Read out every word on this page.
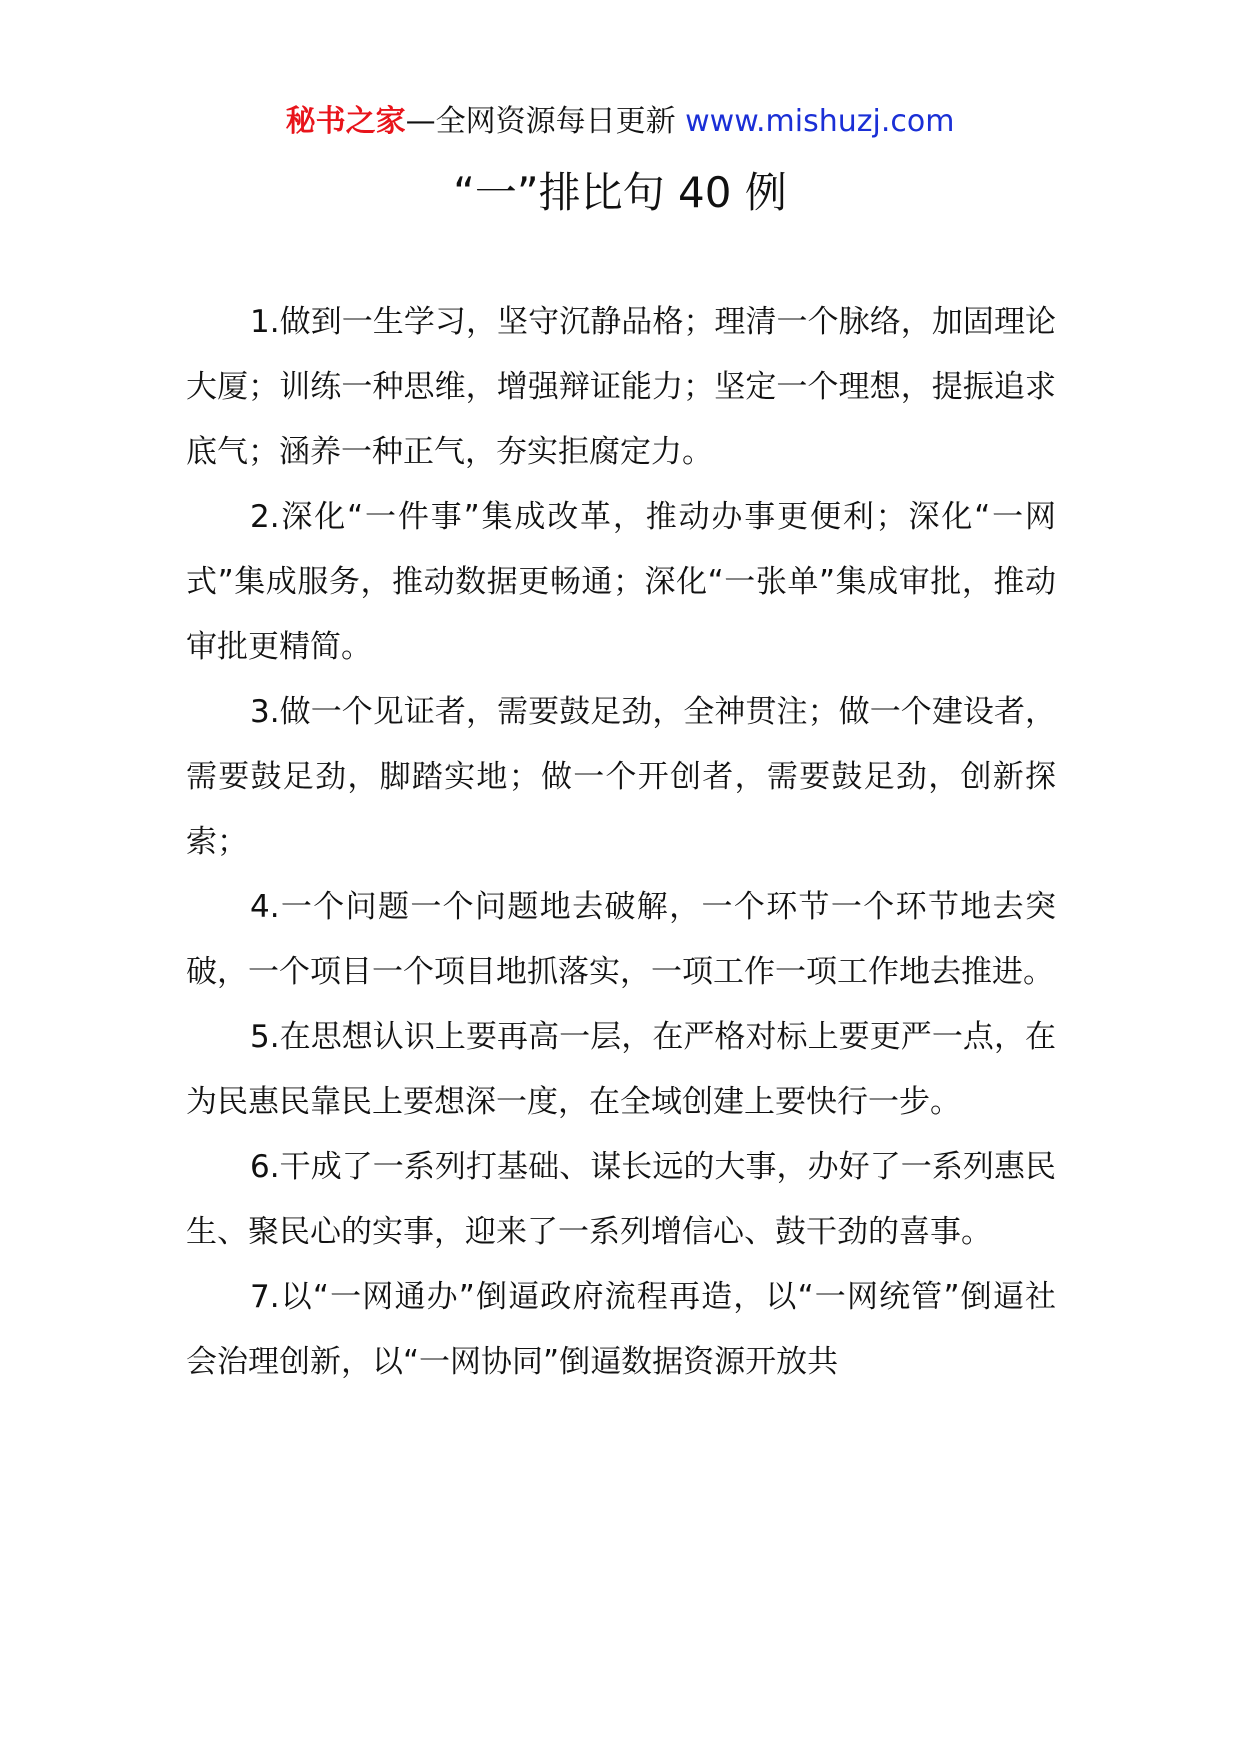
秘书之家—全网资源每日更新 www.mishuzj.com
“一”排比句 40 例

1.做到一生学习，坚守沉静品格；理清一个脉络，加固理论大厦；训练一种思维，增强辩证能力；坚定一个理想，提振追求底气；涵养一种正气，夯实拒腐定力。

2.深化“一件事”集成改革，推动办事更便利；深化“一网式”集成服务，推动数据更畅通；深化“一张单”集成审批，推动审批更精简。

3.做一个见证者，需要鼓足劲，全神贯注；做一个建设者，需要鼓足劲，脚踏实地；做一个开创者，需要鼓足劲，创新探索；

4.一个问题一个问题地去破解，一个环节一个环节地去突破，一个项目一个项目地抓落实，一项工作一项工作地去推进。

5.在思想认识上要再高一层，在严格对标上要更严一点，在为民惠民靠民上要想深一度，在全域创建上要快行一步。

6.干成了一系列打基础、谋长远的大事，办好了一系列惠民生、聚民心的实事，迎来了一系列增信心、鼓干劲的喜事。

7.以“一网通办”倒逼政府流程再造，以“一网统管”倒逼社会治理创新，以“一网协同”倒逼数据资源开放共
